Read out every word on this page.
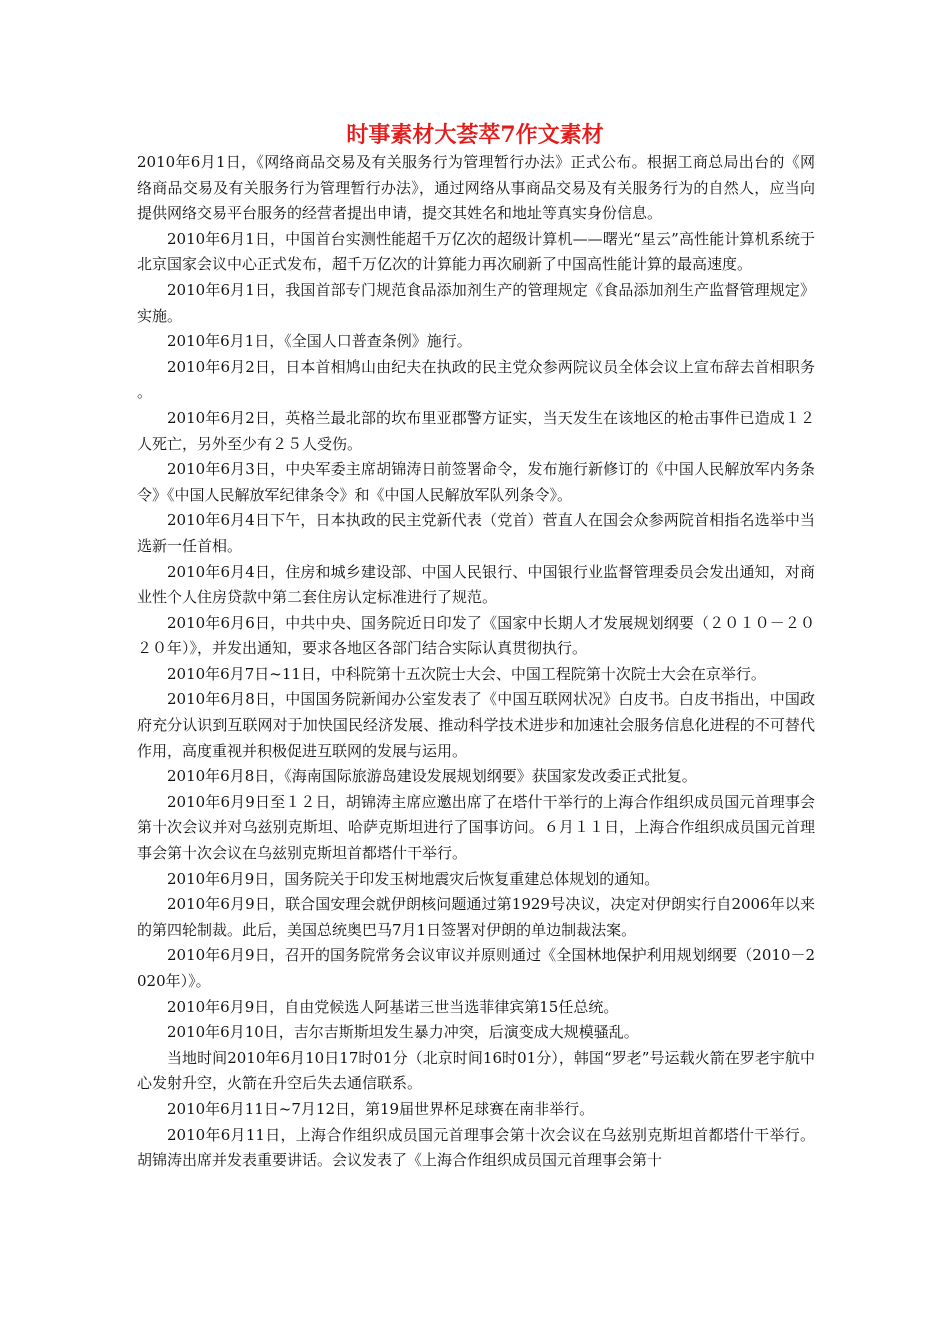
时事素材大荟萃7作文素材

2010年6月1日，《网络商品交易及有关服务行为管理暂行办法》正式公布。根据工商总局出台的《网络商品交易及有关服务行为管理暂行办法》，通过网络从事商品交易及有关服务行为的自然人，应当向提供网络交易平台服务的经营者提出申请，提交其姓名和地址等真实身份信息。

2010年6月1日，中国首台实测性能超千万亿次的超级计算机——曙光“星云”高性能计算机系统于北京国家会议中心正式发布，超千万亿次的计算能力再次刷新了中国高性能计算的最高速度。

2010年6月1日，我国首部专门规范食品添加剂生产的管理规定《食品添加剂生产监督管理规定》实施。

2010年6月1日，《全国人口普查条例》施行。

2010年6月2日，日本首相鸠山由纪夫在执政的民主党众参两院议员全体会议上宣布辞去首相职务。

2010年6月2日，英格兰最北部的坎布里亚郡警方证实，当天发生在该地区的枪击事件已造成１２人死亡，另外至少有２５人受伤。

2010年6月3日，中央军委主席胡锦涛日前签署命令，发布施行新修订的《中国人民解放军内务条令》《中国人民解放军纪律条令》和《中国人民解放军队列条令》。

2010年6月4日下午，日本执政的民主党新代表（党首）菅直人在国会众参两院首相指名选举中当选新一任首相。

2010年6月4日，住房和城乡建设部、中国人民银行、中国银行业监督管理委员会发出通知，对商业性个人住房贷款中第二套住房认定标准进行了规范。

2010年6月6日，中共中央、国务院近日印发了《国家中长期人才发展规划纲要（２０１０－２０２０年）》，并发出通知，要求各地区各部门结合实际认真贯彻执行。

2010年6月7日~11日，中科院第十五次院士大会、中国工程院第十次院士大会在京举行。

2010年6月8日，中国国务院新闻办公室发表了《中国互联网状况》白皮书。白皮书指出，中国政府充分认识到互联网对于加快国民经济发展、推动科学技术进步和加速社会服务信息化进程的不可替代作用，高度重视并积极促进互联网的发展与运用。

2010年6月8日，《海南国际旅游岛建设发展规划纲要》获国家发改委正式批复。

2010年6月9日至１２日，胡锦涛主席应邀出席了在塔什干举行的上海合作组织成员国元首理事会第十次会议并对乌兹别克斯坦、哈萨克斯坦进行了国事访问。６月１１日，上海合作组织成员国元首理事会第十次会议在乌兹别克斯坦首都塔什干举行。

2010年6月9日，国务院关于印发玉树地震灾后恢复重建总体规划的通知。

2010年6月9日，联合国安理会就伊朗核问题通过第1929号决议，决定对伊朗实行自2006年以来的第四轮制裁。此后，美国总统奥巴马7月1日签署对伊朗的单边制裁法案。

2010年6月9日，召开的国务院常务会议审议并原则通过《全国林地保护利用规划纲要（2010－2020年）》。

2010年6月9日，自由党候选人阿基诺三世当选菲律宾第15任总统。

2010年6月10日，吉尔吉斯斯坦发生暴力冲突，后演变成大规模骚乱。

当地时间2010年6月10日17时01分（北京时间16时01分），韩国“罗老”号运载火箭在罗老宇航中心发射升空，火箭在升空后失去通信联系。

2010年6月11日~7月12日，第19届世界杯足球赛在南非举行。

2010年6月11日，上海合作组织成员国元首理事会第十次会议在乌兹别克斯坦首都塔什干举行。胡锦涛出席并发表重要讲话。会议发表了《上海合作组织成员国元首理事会第十
